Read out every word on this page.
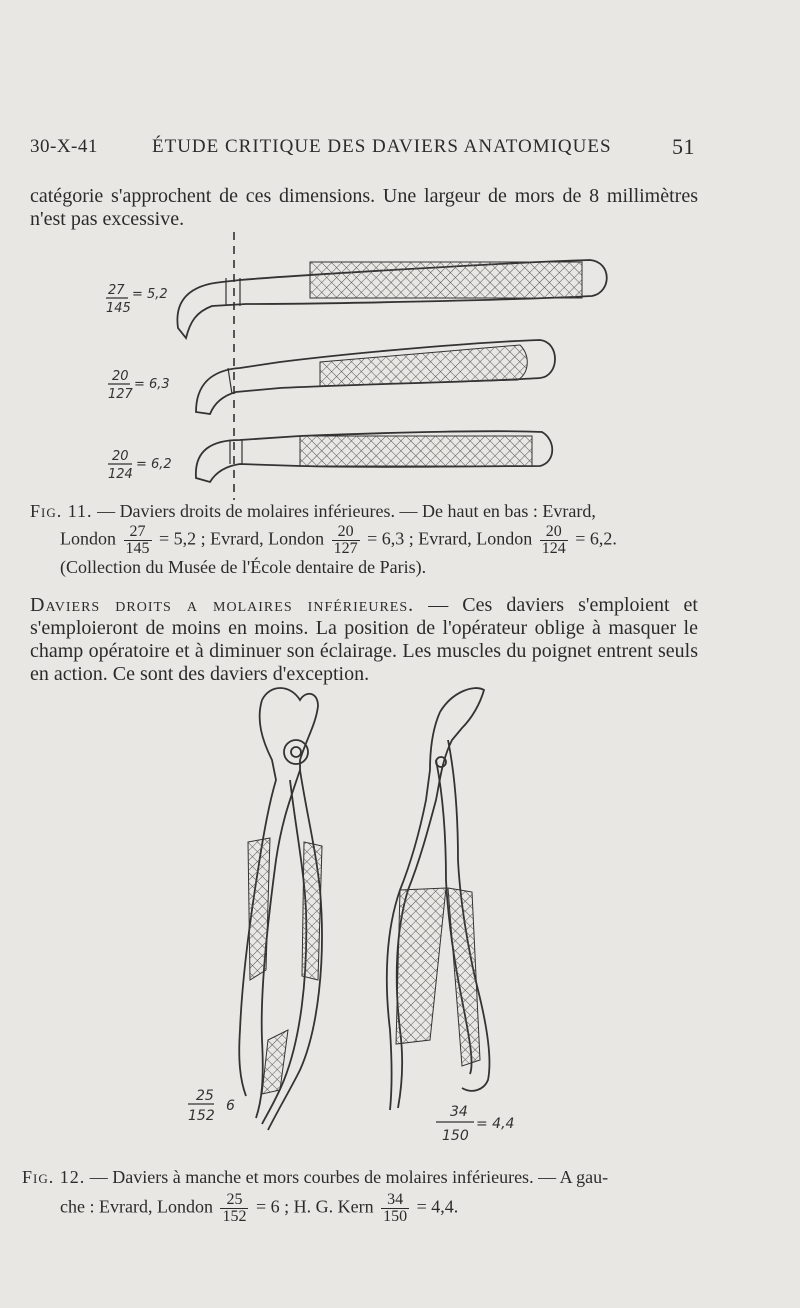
30-X-41	ÉTUDE CRITIQUE DES DAVIERS ANATOMIQUES	51
catégorie s'approchent de ces dimensions. Une largeur de mors de 8 millimètres n'est pas excessive.
27
145
= 5,2
20
127
= 6,3
20
124
= 6,2
Fig. 11. — Daviers droits de molaires inférieures. — De haut en bas : Evrard,
London $\frac{27}{145} = 5,2$ ; Evrard, London $\frac{20}{127} = 6,3$ ; Evrard, London $\frac{20}{124} = 6,2$.
(Collection du Musée de l'École dentaire de Paris).
Daviers droits a molaires inférieures. — Ces daviers s'emploient et s'emploieront de moins en moins. La position de l'opérateur oblige à masquer le champ opératoire et à diminuer son éclairage. Les muscles du poignet entrent seuls en action. Ce sont des daviers d'exception.
25
152
6	34
150
= 4,4
Fig. 12. — Daviers à manche et mors courbes de molaires inférieures. — A gau-
che : Evrard, London $\frac{25}{152} = 6$ ; H. G. Kern $\frac{34}{150} = 4,4$.
